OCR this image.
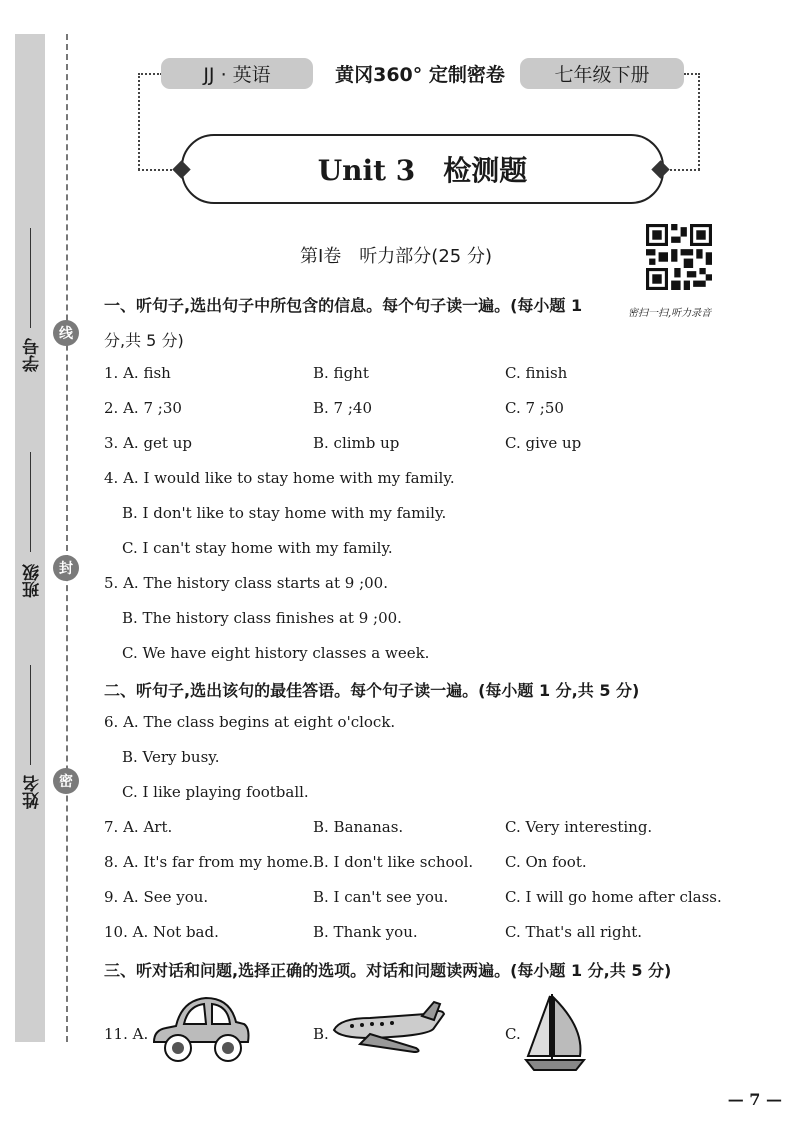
学号
班级
姓名
线
封
密
JJ · 英语	黄冈360° 定制密卷	七年级下册
Unit 3　检测题
第Ⅰ卷　听力部分(25 分)
密扫一扫,听力录音
一、听句子,选出句子中所包含的信息。每个句子读一遍。(每小题 1
分,共 5 分)
1. A. fish	B. fight	C. finish
2. A. 7 ;30	B. 7 ;40	C. 7 ;50
3. A. get up	B. climb up	C. give up
4. A. I would like to stay home with my family.
B. I don't like to stay home with my family.
C. I can't stay home with my family.
5. A. The history class starts at 9 ;00.
B. The history class finishes at 9 ;00.
C. We have eight history classes a week.
二、听句子,选出该句的最佳答语。每个句子读一遍。(每小题 1 分,共 5 分)
6. A. The class begins at eight o'clock.
B. Very busy.
C. I like playing football.
7. A. Art.	B. Bananas.	C. Very interesting.
8. A. It's far from my home. B. I don't like school. C. On foot.
9. A. See you.	B. I can't see you.	C. I will go home after class.
10. A. Not bad.	B. Thank you.	C. That's all right.
三、听对话和问题,选择正确的选项。对话和问题读两遍。(每小题 1 分,共 5 分)
11. A.	B.	C.
— 7 —
